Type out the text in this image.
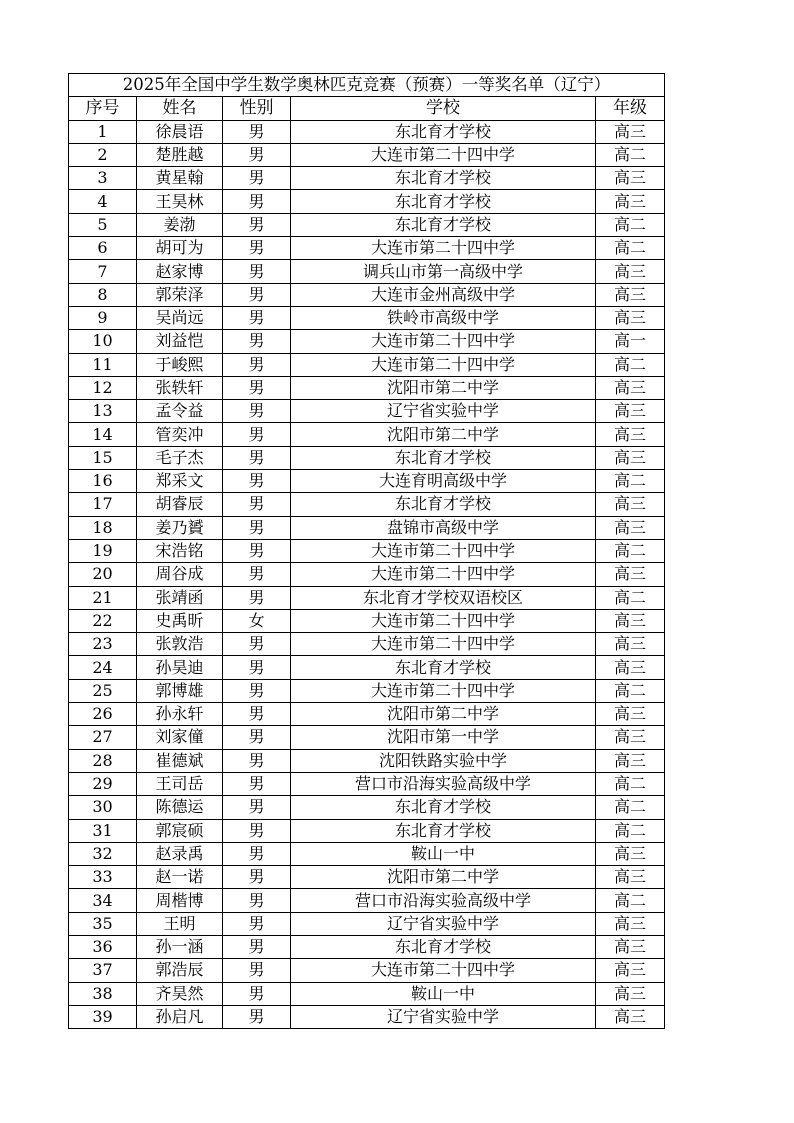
2025年全国中学生数学奥林匹克竞赛（预赛）一等奖名单（辽宁）				
序号	姓名	性别	学校	年级
1	徐晨语	男	东北育才学校	高三
2	楚胜越	男	大连市第二十四中学	高二
3	黄星翰	男	东北育才学校	高三
4	王昊林	男	东北育才学校	高三
5	姜渤	男	东北育才学校	高二
6	胡可为	男	大连市第二十四中学	高二
7	赵家博	男	调兵山市第一高级中学	高三
8	郭荣泽	男	大连市金州高级中学	高三
9	吴尚远	男	铁岭市高级中学	高三
10	刘益恺	男	大连市第二十四中学	高一
11	于峻熙	男	大连市第二十四中学	高二
12	张轶轩	男	沈阳市第二中学	高三
13	孟令益	男	辽宁省实验中学	高三
14	管奕冲	男	沈阳市第二中学	高三
15	毛子杰	男	东北育才学校	高三
16	郑采文	男	大连育明高级中学	高二
17	胡睿辰	男	东北育才学校	高三
18	姜乃贇	男	盘锦市高级中学	高三
19	宋浩铭	男	大连市第二十四中学	高二
20	周谷成	男	大连市第二十四中学	高三
21	张靖函	男	东北育才学校双语校区	高二
22	史禹昕	女	大连市第二十四中学	高三
23	张敦浩	男	大连市第二十四中学	高三
24	孙昊迪	男	东北育才学校	高三
25	郭博雄	男	大连市第二十四中学	高二
26	孙永轩	男	沈阳市第二中学	高三
27	刘家僮	男	沈阳市第一中学	高三
28	崔德斌	男	沈阳铁路实验中学	高三
29	王司岳	男	营口市沿海实验高级中学	高二
30	陈德运	男	东北育才学校	高二
31	郭宸硕	男	东北育才学校	高二
32	赵录禹	男	鞍山一中	高三
33	赵一诺	男	沈阳市第二中学	高三
34	周楷博	男	营口市沿海实验高级中学	高二
35	王明	男	辽宁省实验中学	高三
36	孙一涵	男	东北育才学校	高三
37	郭浩辰	男	大连市第二十四中学	高三
38	齐昊然	男	鞍山一中	高三
39	孙启凡	男	辽宁省实验中学	高三
